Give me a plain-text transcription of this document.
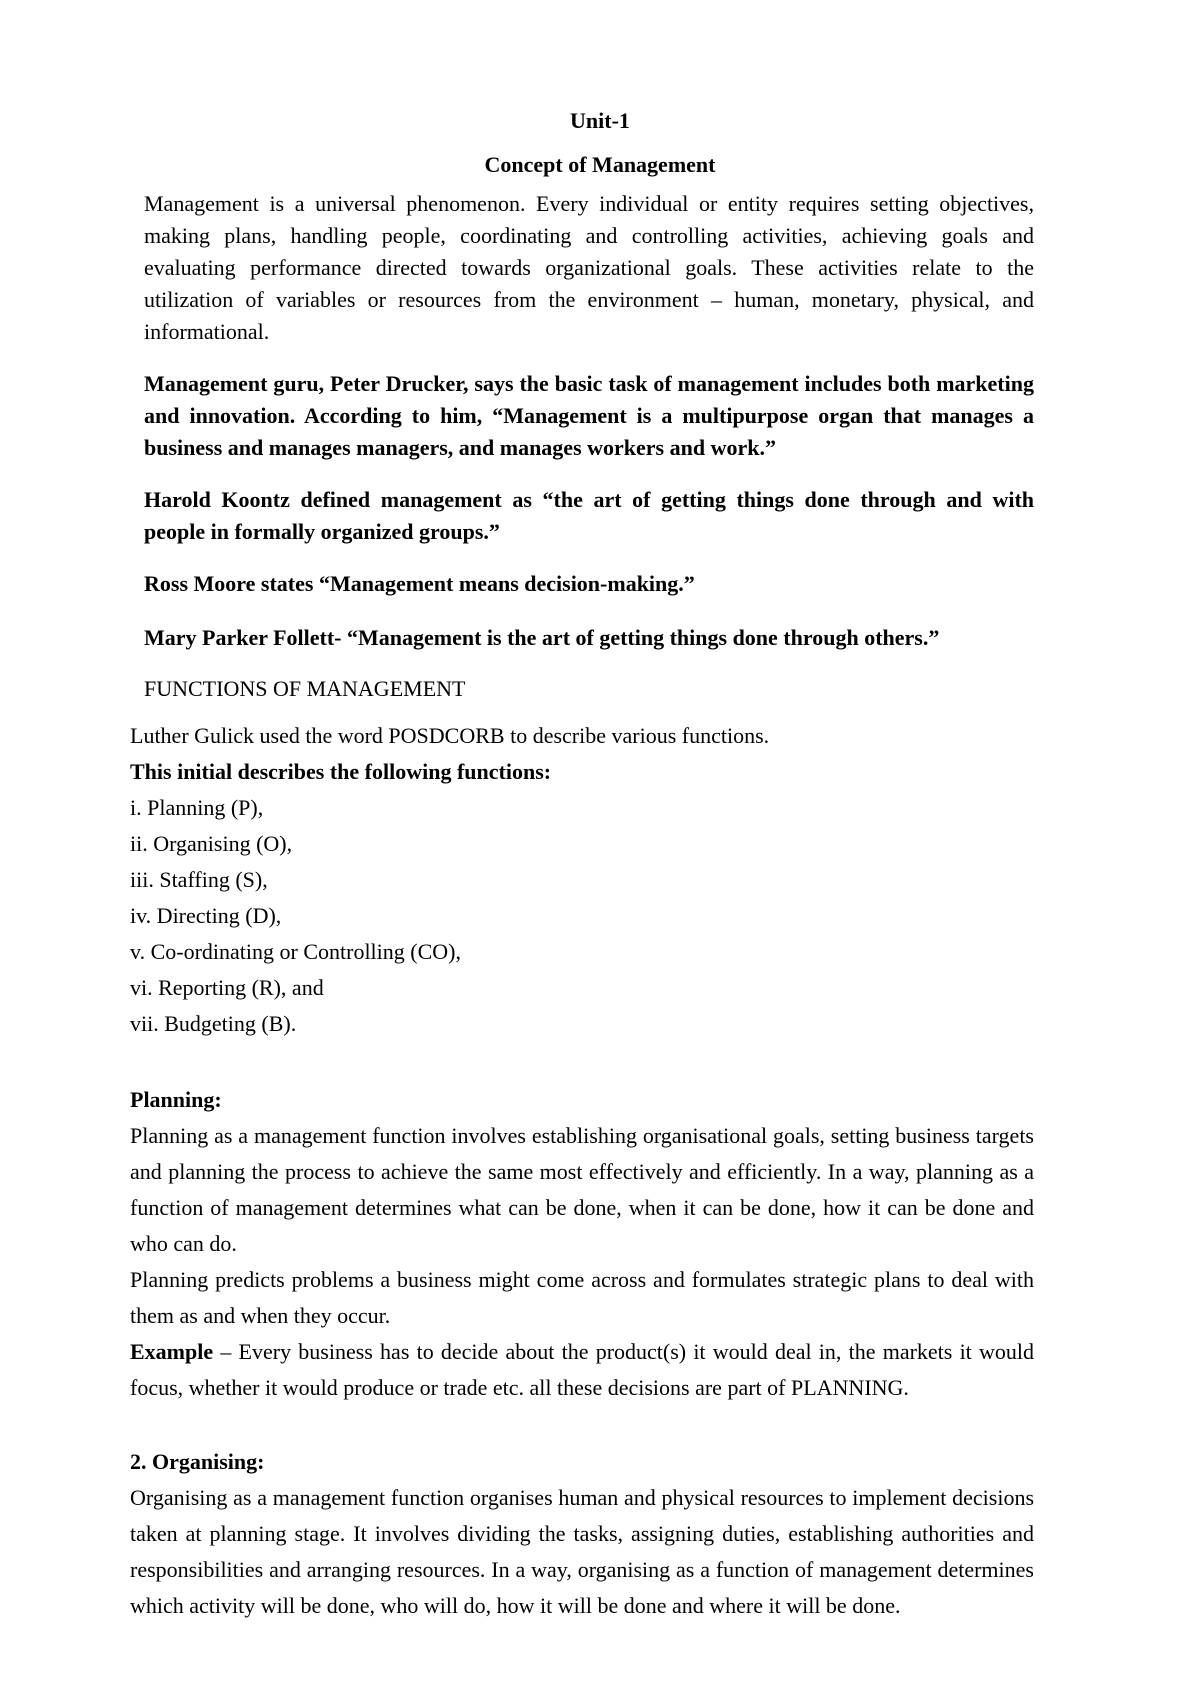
Unit-1
Concept of Management
Management is a universal phenomenon. Every individual or entity requires setting objectives, making plans, handling people, coordinating and controlling activities, achieving goals and evaluating performance directed towards organizational goals. These activities relate to the utilization of variables or resources from the environment – human, monetary, physical, and informational.
Management guru, Peter Drucker, says the basic task of management includes both marketing and innovation. According to him, “Management is a multipurpose organ that manages a business and manages managers, and manages workers and work.”
Harold Koontz defined management as “the art of getting things done through and with people in formally organized groups.”
Ross Moore states “Management means decision-making.”
Mary Parker Follett- “Management is the art of getting things done through others.”
FUNCTIONS OF MANAGEMENT
Luther Gulick used the word POSDCORB to describe various functions.
This initial describes the following functions:
i. Planning (P),
ii. Organising (O),
iii. Staffing (S),
iv. Directing (D),
v. Co-ordinating or Controlling (CO),
vi. Reporting (R), and
vii. Budgeting (B).
Planning:
Planning as a management function involves establishing organisational goals, setting business targets and planning the process to achieve the same most effectively and efficiently. In a way, planning as a function of management determines what can be done, when it can be done, how it can be done and who can do.
Planning predicts problems a business might come across and formulates strategic plans to deal with them as and when they occur.
Example – Every business has to decide about the product(s) it would deal in, the markets it would focus, whether it would produce or trade etc. all these decisions are part of PLANNING.
2. Organising:
Organising as a management function organises human and physical resources to implement decisions taken at planning stage. It involves dividing the tasks, assigning duties, establishing authorities and responsibilities and arranging resources. In a way, organising as a function of management determines which activity will be done, who will do, how it will be done and where it will be done.
